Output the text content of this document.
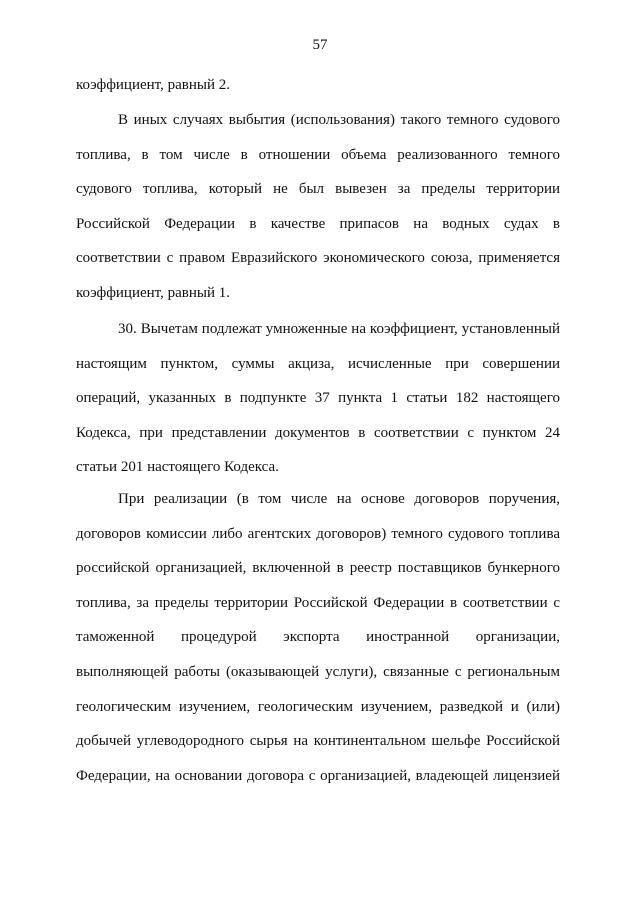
57
коэффициент, равный 2.
В иных случаях выбытия (использования) такого темного судового
топлива, в том числе в отношении объема реализованного темного
судового топлива, который не был вывезен за пределы территории
Российской Федерации в качестве припасов на водных судах в
соответствии с правом Евразийского экономического союза, применяется
коэффициент, равный 1.
30. Вычетам подлежат умноженные на коэффициент, установленный
настоящим пунктом, суммы акциза, исчисленные при совершении
операций, указанных в подпункте 37 пункта 1 статьи 182 настоящего
Кодекса, при представлении документов в соответствии с пунктом 24
статьи 201 настоящего Кодекса.
При реализации (в том числе на основе договоров поручения,
договоров комиссии либо агентских договоров) темного судового топлива
российской организацией, включенной в реестр поставщиков бункерного
топлива, за пределы территории Российской Федерации в соответствии с
таможенной процедурой экспорта иностранной организации,
выполняющей работы (оказывающей услуги), связанные с региональным
геологическим изучением, геологическим изучением, разведкой и (или)
добычей углеводородного сырья на континентальном шельфе Российской
Федерации, на основании договора с организацией, владеющей лицензией
